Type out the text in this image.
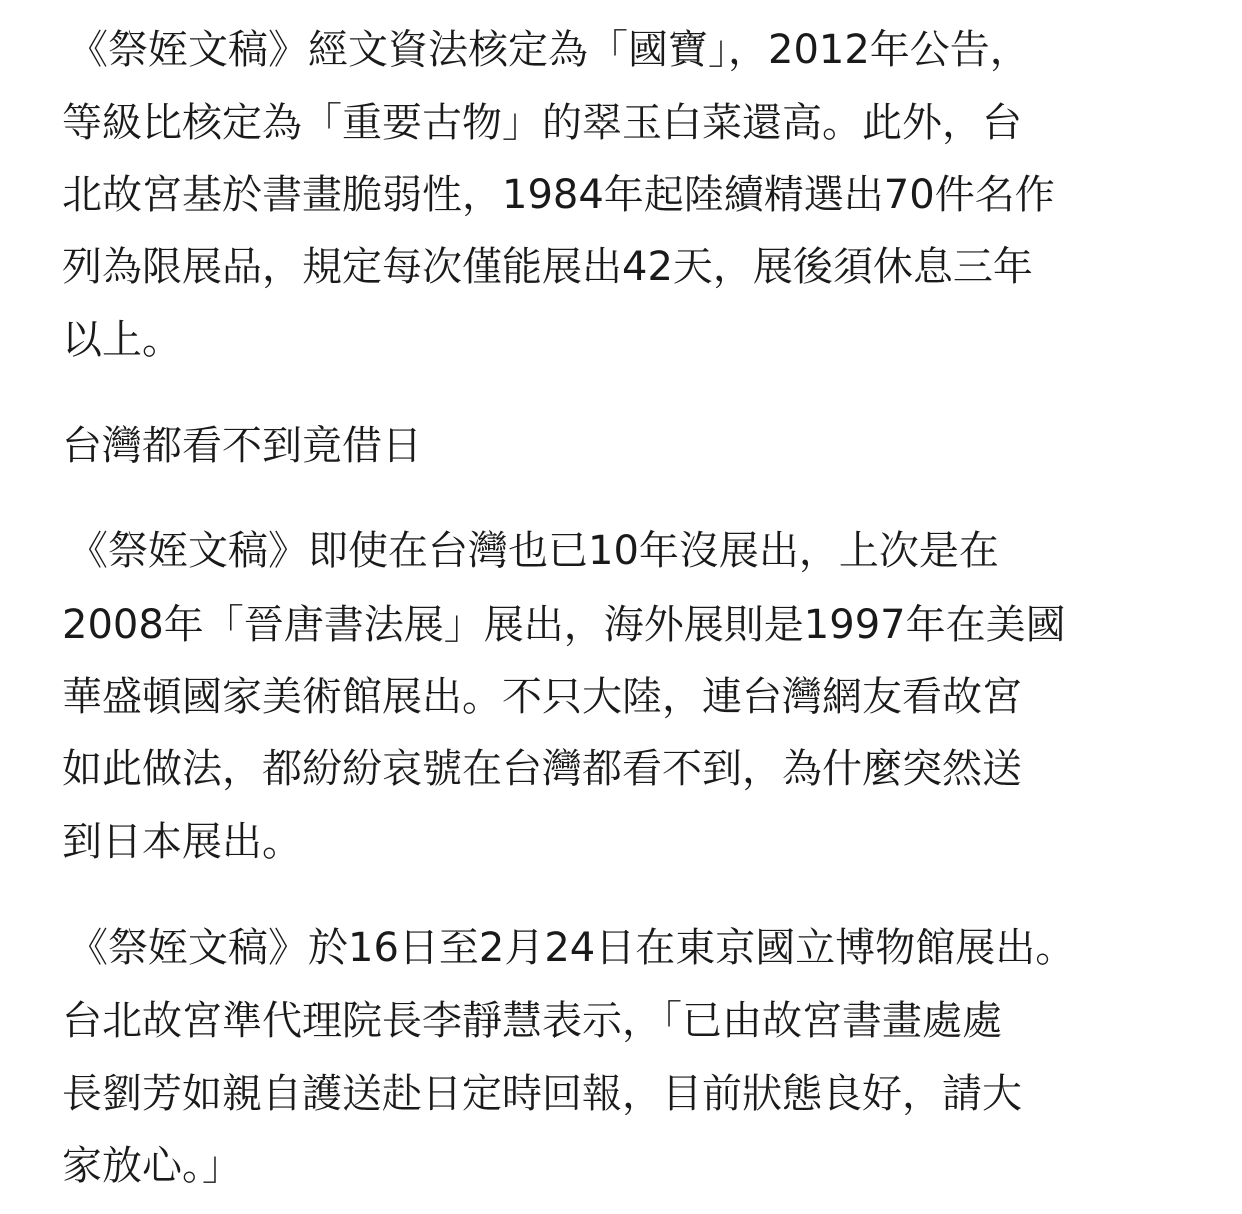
《祭姪文稿》經文資法核定為「國寶」，2012年公告，
等級比核定為「重要古物」的翠玉白菜還高。此外，台
北故宮基於書畫脆弱性，1984年起陸續精選出70件名作
列為限展品，規定每次僅能展出42天，展後須休息三年
以上。
台灣都看不到竟借日
《祭姪文稿》即使在台灣也已10年沒展出，上次是在
2008年「晉唐書法展」展出，海外展則是1997年在美國
華盛頓國家美術館展出。不只大陸，連台灣網友看故宮
如此做法，都紛紛哀號在台灣都看不到，為什麼突然送
到日本展出。
《祭姪文稿》於16日至2月24日在東京國立博物館展出。
台北故宮準代理院長李靜慧表示，「已由故宮書畫處處
長劉芳如親自護送赴日定時回報，目前狀態良好，請大
家放心。」
